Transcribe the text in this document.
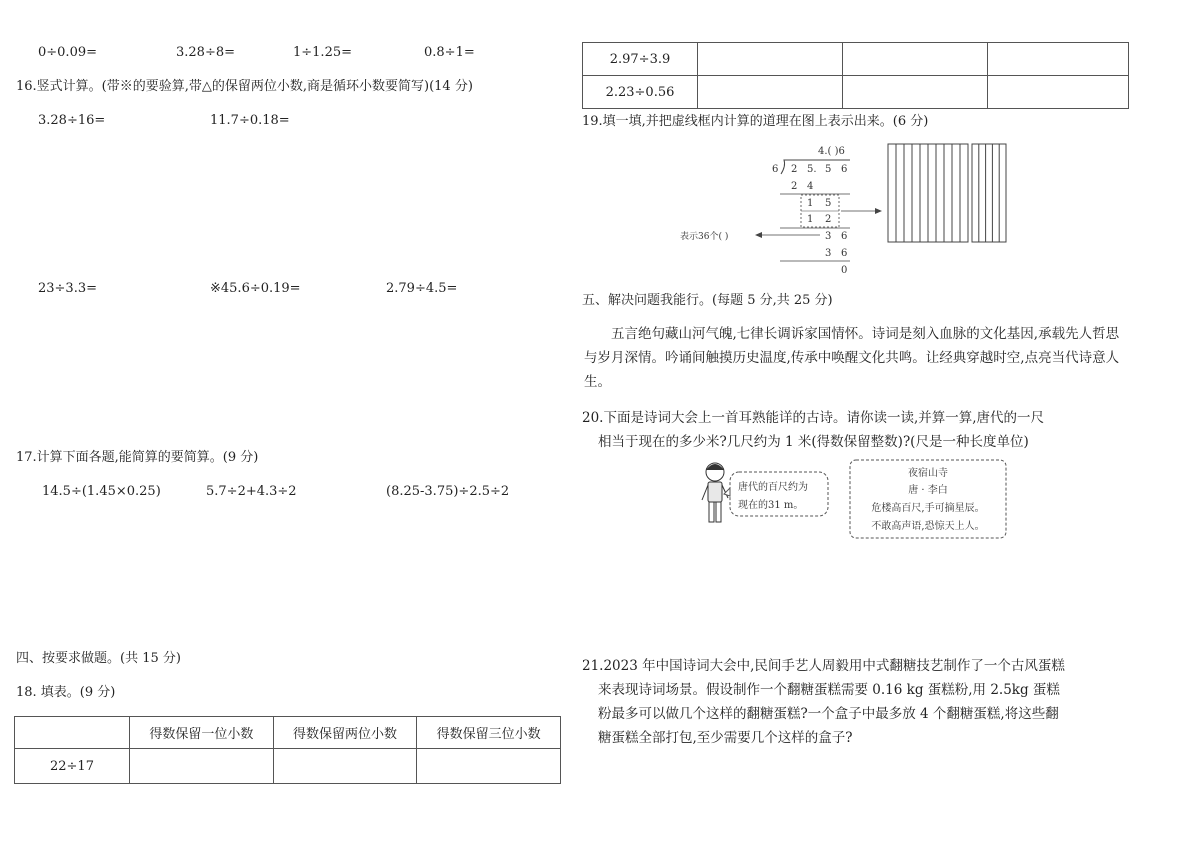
0÷0.09=	3.28÷8=	1÷1.25=	0.8÷1=
16.竖式计算。(带※的要验算,带△的保留两位小数,商是循环小数要简写)(14 分)
3.28÷16=	11.7÷0.18=
23÷3.3=	※45.6÷0.19=	2.79÷4.5=
17.计算下面各题,能简算的要简算。(9 分)
14.5÷(1.45×0.25)	5.7÷2+4.3÷2	(8.25-3.75)÷2.5÷2
四、按要求做题。(共 15 分)
18. 填表。(9 分)
	得数保留一位小数	得数保留两位小数	得数保留三位小数
22÷17			
2.97÷3.9			
2.23÷0.56			
19.填一填,并把虚线框内计算的道理在图上表示出来。(6 分)
4.( )6
6 2 5. 5 6
2 4
1 5
1 2
3 6
表示36个( )
3 6
0
五、解决问题我能行。(每题 5 分,共 25 分)
五言绝句藏山河气魄,七律长调诉家国情怀。诗词是刻入血脉的文化基因,承载先人哲思与岁月深情。吟诵间触摸历史温度,传承中唤醒文化共鸣。让经典穿越时空,点亮当代诗意人生。
20.下面是诗词大会上一首耳熟能详的古诗。请你读一读,并算一算,唐代的一尺
相当于现在的多少米?几尺约为 1 米(得数保留整数)?(尺是一种长度单位)
唐代的百尺约为
现在的31 m。
夜宿山寺
唐 · 李白
危楼高百尺,手可摘星辰。
不敢高声语,恐惊天上人。
21.2023 年中国诗词大会中,民间手艺人周毅用中式翻糖技艺制作了一个古风蛋糕
来表现诗词场景。假设制作一个翻糖蛋糕需要 0.16 kg 蛋糕粉,用 2.5kg 蛋糕
粉最多可以做几个这样的翻糖蛋糕?一个盒子中最多放 4 个翻糖蛋糕,将这些翻
糖蛋糕全部打包,至少需要几个这样的盒子?
